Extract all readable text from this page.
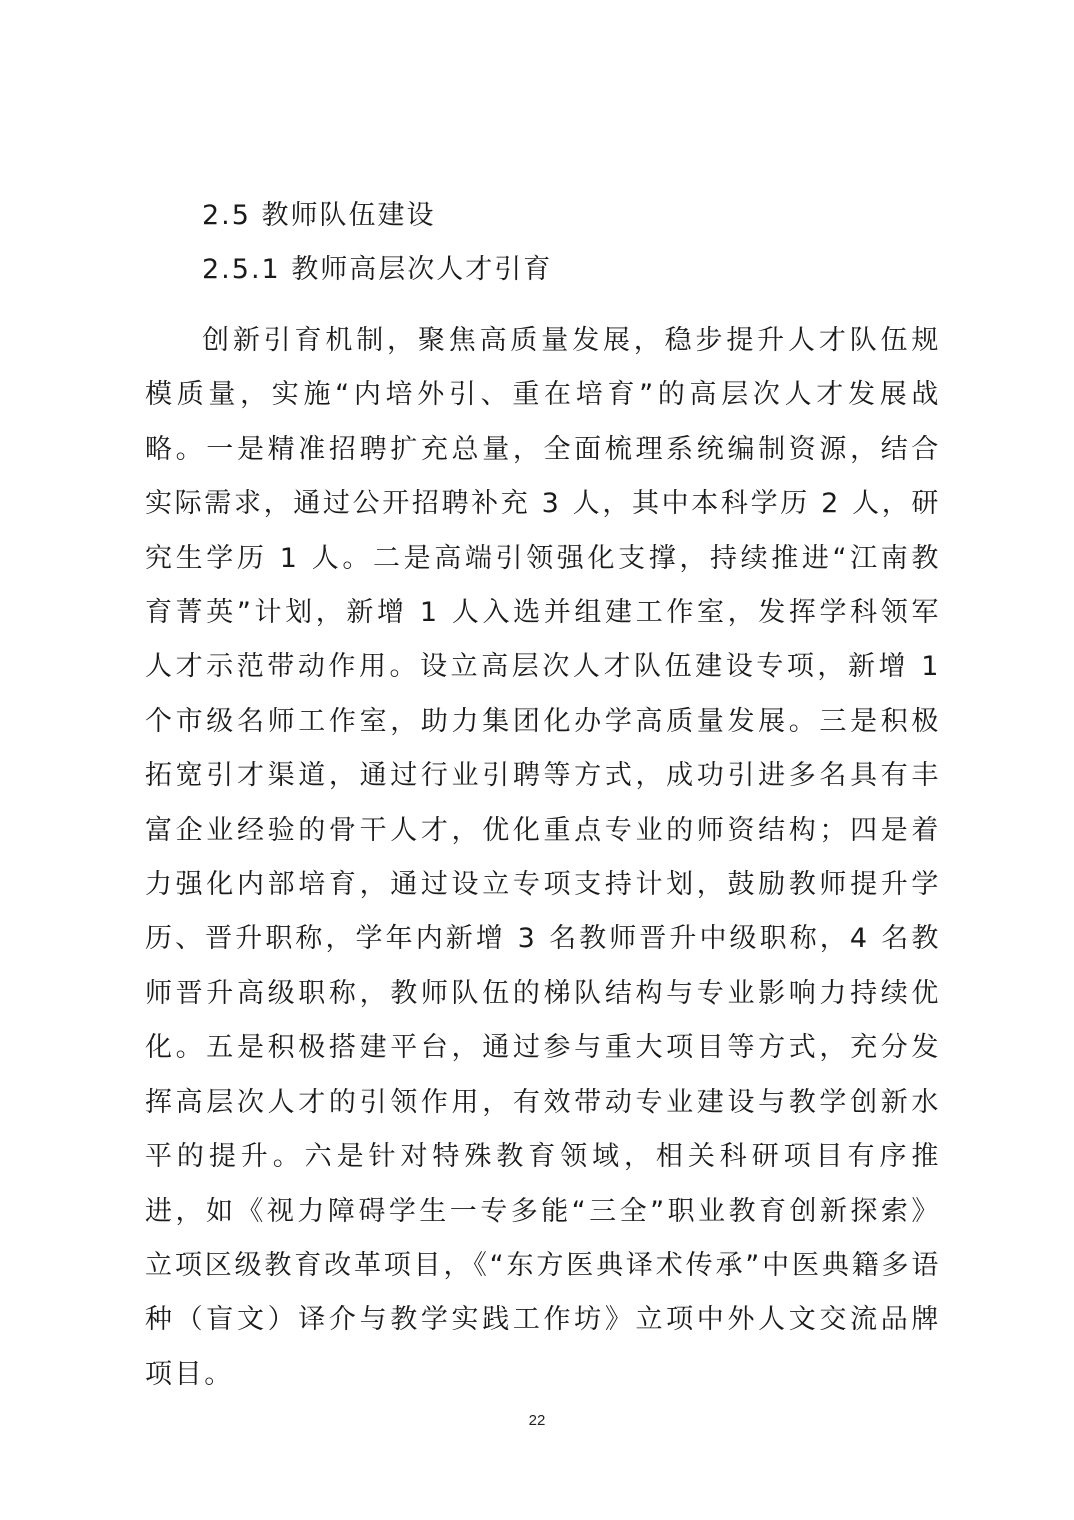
2.5 教师队伍建设
2.5.1 教师高层次人才引育

创新引育机制，聚焦高质量发展，稳步提升人才队伍规模质量，实施“内培外引、重在培育”的高层次人才发展战略。一是精准招聘扩充总量，全面梳理系统编制资源，结合实际需求，通过公开招聘补充 3 人，其中本科学历 2 人，研究生学历 1 人。二是高端引领强化支撑，持续推进“江南教育菁英”计划，新增 1 人入选并组建工作室，发挥学科领军人才示范带动作用。设立高层次人才队伍建设专项，新增 1 个市级名师工作室，助力集团化办学高质量发展。三是积极拓宽引才渠道，通过行业引聘等方式，成功引进多名具有丰富企业经验的骨干人才，优化重点专业的师资结构；四是着力强化内部培育，通过设立专项支持计划，鼓励教师提升学历、晋升职称，学年内新增 3 名教师晋升中级职称，4 名教师晋升高级职称，教师队伍的梯队结构与专业影响力持续优化。五是积极搭建平台，通过参与重大项目等方式，充分发挥高层次人才的引领作用，有效带动专业建设与教学创新水平的提升。六是针对特殊教育领域，相关科研项目有序推进，如《视力障碍学生一专多能“三全”职业教育创新探索》立项区级教育改革项目，《“东方医典译术传承”中医典籍多语种（盲文）译介与教学实践工作坊》立项中外人文交流品牌项目。

22
